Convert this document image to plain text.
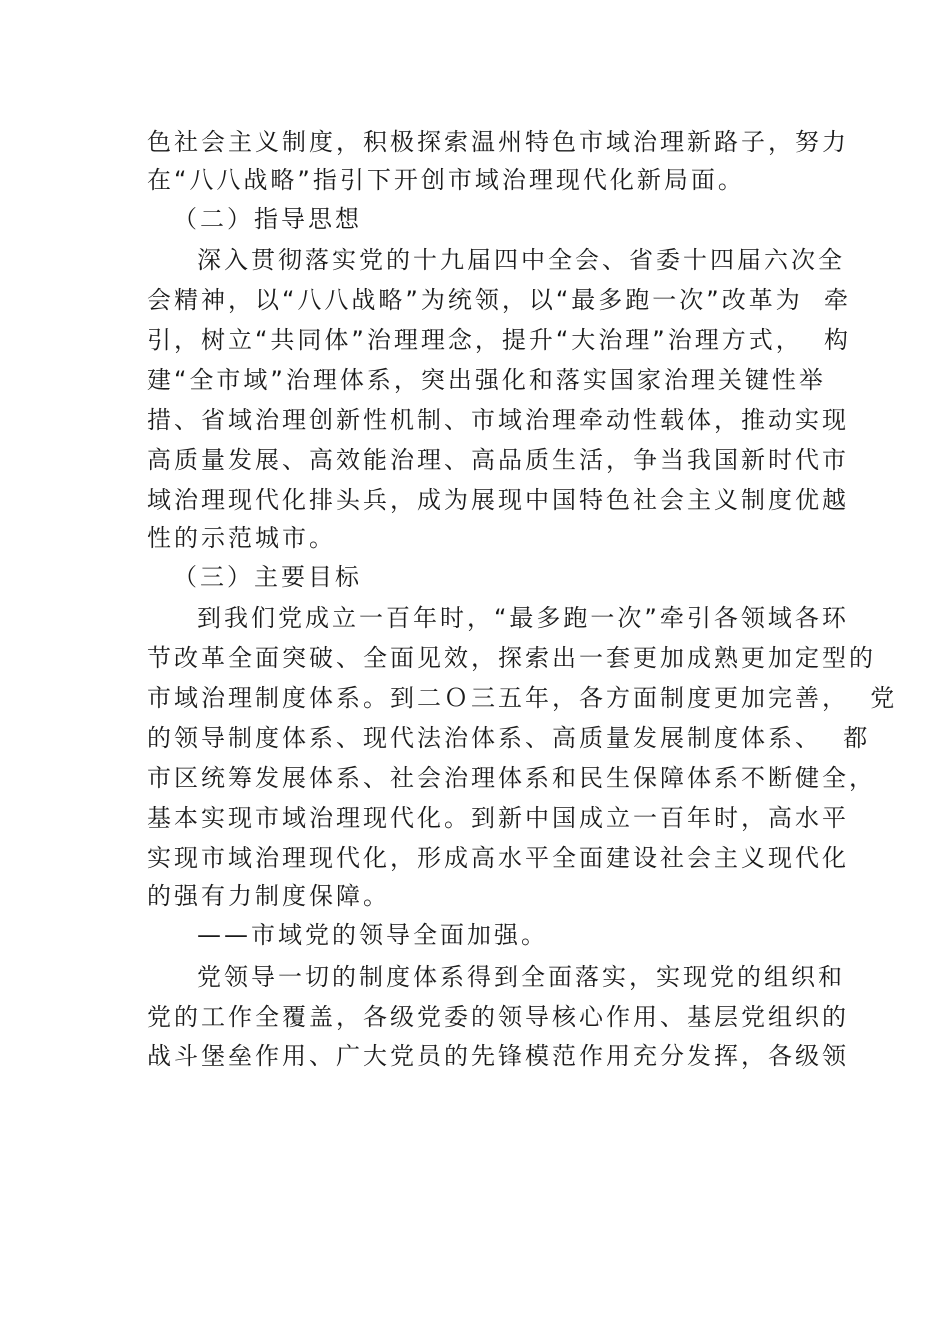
色社会主义制度，积极探索温州特色市域治理新路子，努力
在“八八战略”指引下开创市域治理现代化新局面。
（二）指导思想
深入贯彻落实党的十九届四中全会、省委十四届六次全
会精神，以“八八战略”为统领，以“最多跑一次”改革为  牵
引，树立“共同体”治理理念，提升“大治理”治理方式，  构
建“全市域”治理体系，突出强化和落实国家治理关键性举
措、省域治理创新性机制、市域治理牵动性载体，推动实现
高质量发展、高效能治理、高品质生活，争当我国新时代市
域治理现代化排头兵，成为展现中国特色社会主义制度优越
性的示范城市。
（三）主要目标
到我们党成立一百年时，“最多跑一次”牵引各领域各环
节改革全面突破、全面见效，探索出一套更加成熟更加定型的
市域治理制度体系。到二Ｏ三五年，各方面制度更加完善，  党
的领导制度体系、现代法治体系、高质量发展制度体系、  都
市区统筹发展体系、社会治理体系和民生保障体系不断健全，
基本实现市域治理现代化。到新中国成立一百年时，高水平
实现市域治理现代化，形成高水平全面建设社会主义现代化
的强有力制度保障。
——市域党的领导全面加强。
党领导一切的制度体系得到全面落实，实现党的组织和
党的工作全覆盖，各级党委的领导核心作用、基层党组织的
战斗堡垒作用、广大党员的先锋模范作用充分发挥，各级领
